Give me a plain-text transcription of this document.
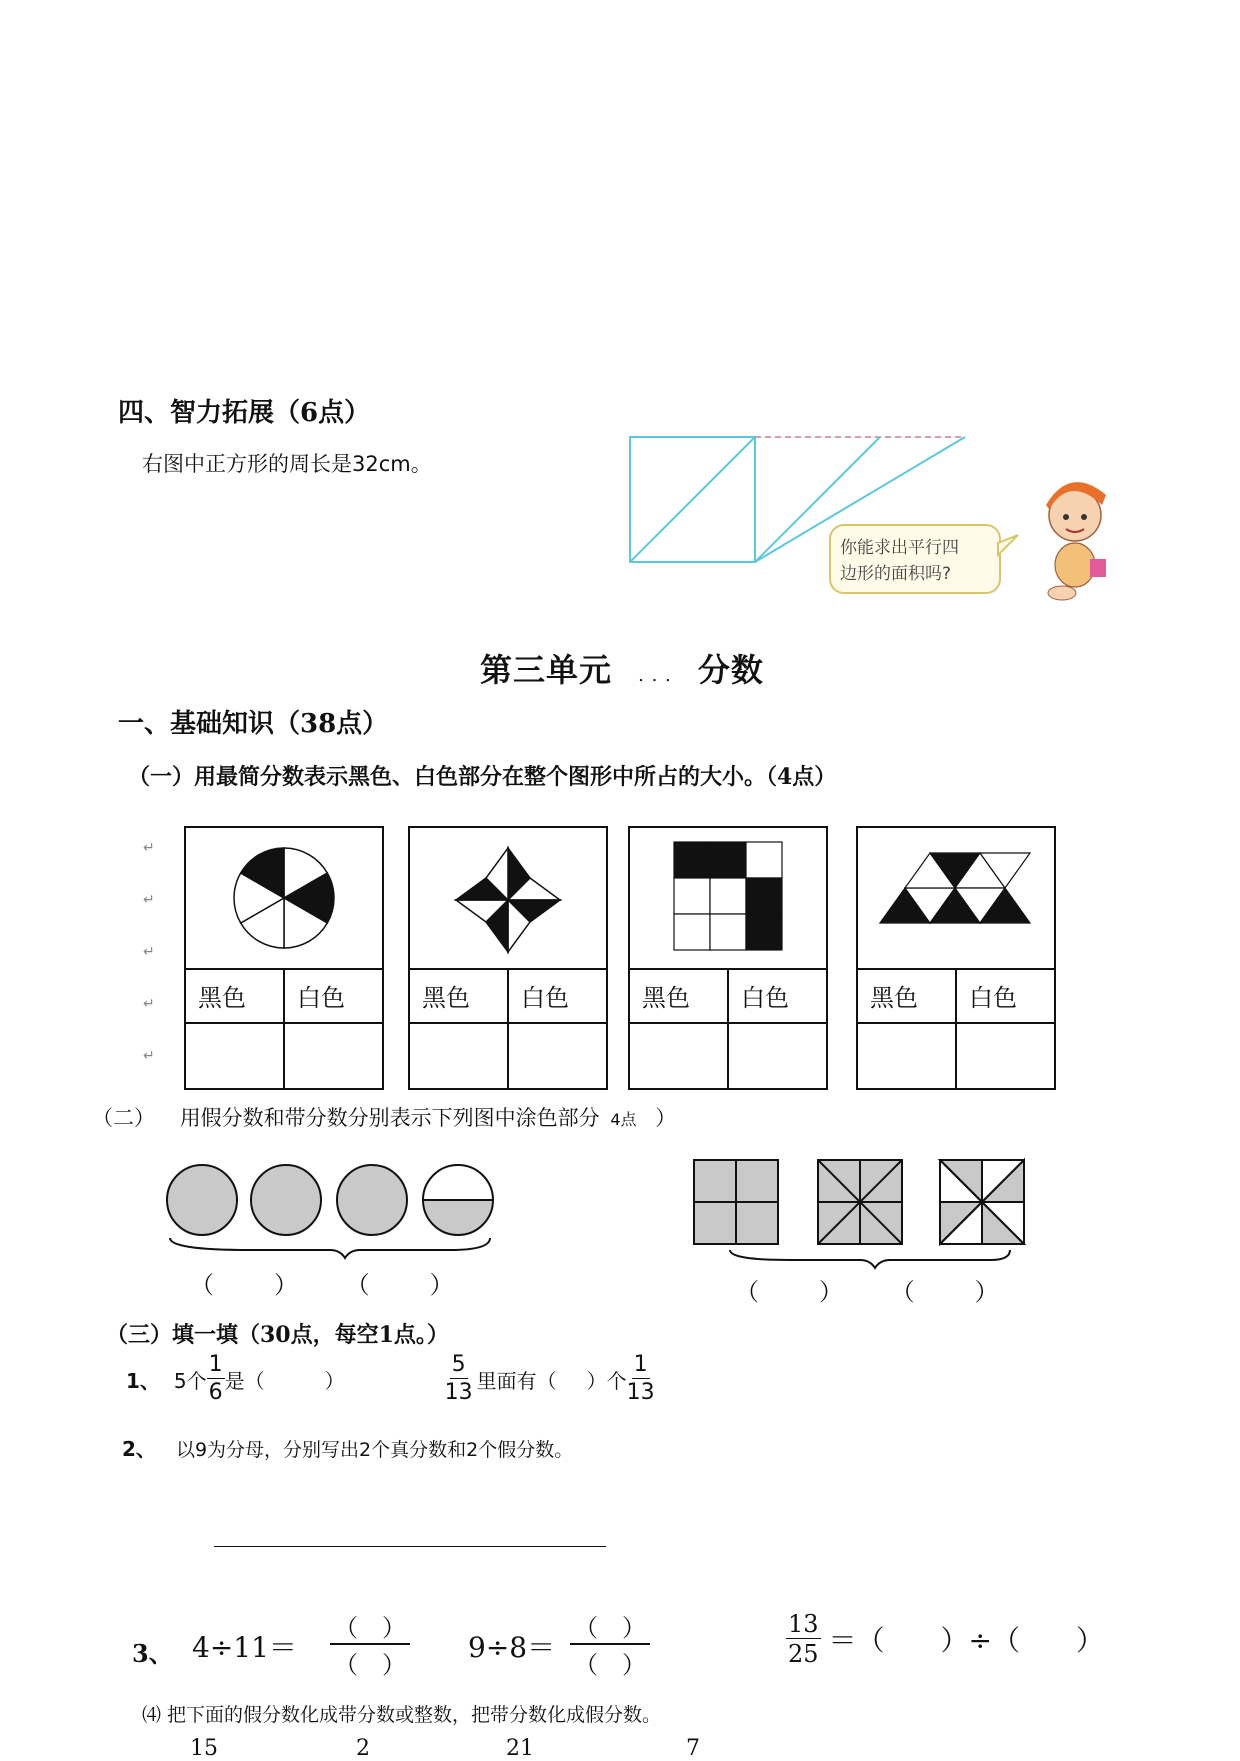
四、智力拓展（6点）
右图中正方形的周长是32cm。
你能求出平行四
边形的面积吗?
第三单元 . . . 分数
一、基础知识（38点）
（一）用最简分数表示黑色、白色部分在整个图形中所占的大小。（4点）
↵
↵
↵
↵
↵
黑色	白色	黑色	白色	黑色	白色	黑色	白色
（二） 用假分数和带分数分别表示下列图中涂色部分 4点 ）
（	） （	）	（	） （	）
（三）填一填（30点，每空1点。）
1、 5个 $\frac{1}{6}$ 是（	）	$\frac{5}{13}$ 里面有（ ）个 $\frac{1}{13}$
2、 以9为分母，分别写出2个真分数和2个假分数。
3、 4÷11＝
（　）
（　）
9÷8＝
（　）
（　）	$\frac{13}{25}$ ＝（　　）÷（　　）
⑷ 把下面的假分数化成带分数或整数，把带分数化成假分数。
15	2	21	7
